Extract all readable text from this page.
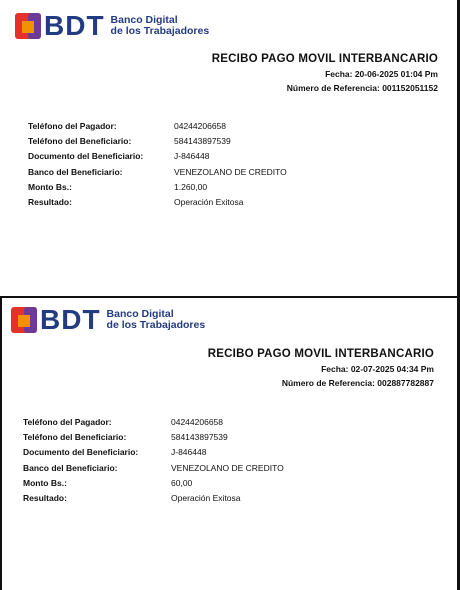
BDT Banco Digital
de los Trabajadores
RECIBO PAGO MOVIL INTERBANCARIO
Fecha: 20-06-2025 01:04 Pm
Número de Referencia: 001152051152
Teléfono del Pagador:	04244206658
Teléfono del Beneficiario:	584143897539
Documento del Beneficiario:	J-846448
Banco del Beneficiario:	VENEZOLANO DE CREDITO
Monto Bs.:	1.260,00
Resultado:	Operación Exitosa
BDT Banco Digital
de los Trabajadores
RECIBO PAGO MOVIL INTERBANCARIO
Fecha: 02-07-2025 04:34 Pm
Número de Referencia: 002887782887
Teléfono del Pagador:	04244206658
Teléfono del Beneficiario:	584143897539
Documento del Beneficiario:	J-846448
Banco del Beneficiario:	VENEZOLANO DE CREDITO
Monto Bs.:	60,00
Resultado:	Operación Exitosa
